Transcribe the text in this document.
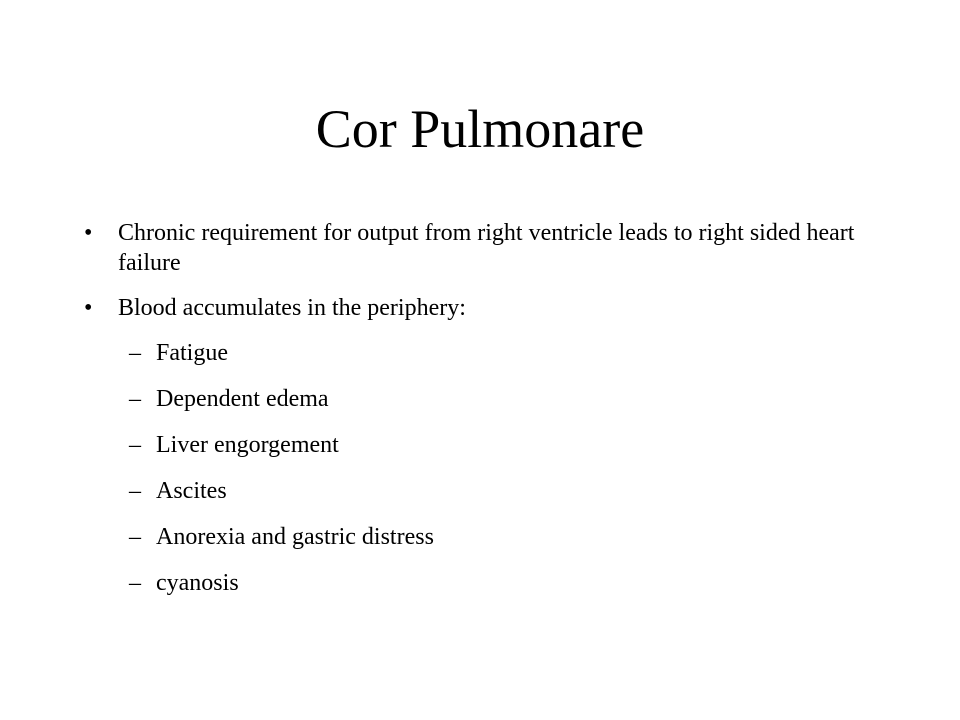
Cor Pulmonare
• Chronic requirement for output from right ventricle leads to right sided heart failure
• Blood accumulates in the periphery:
– Fatigue
– Dependent edema
– Liver engorgement
– Ascites
– Anorexia and gastric distress
– cyanosis
